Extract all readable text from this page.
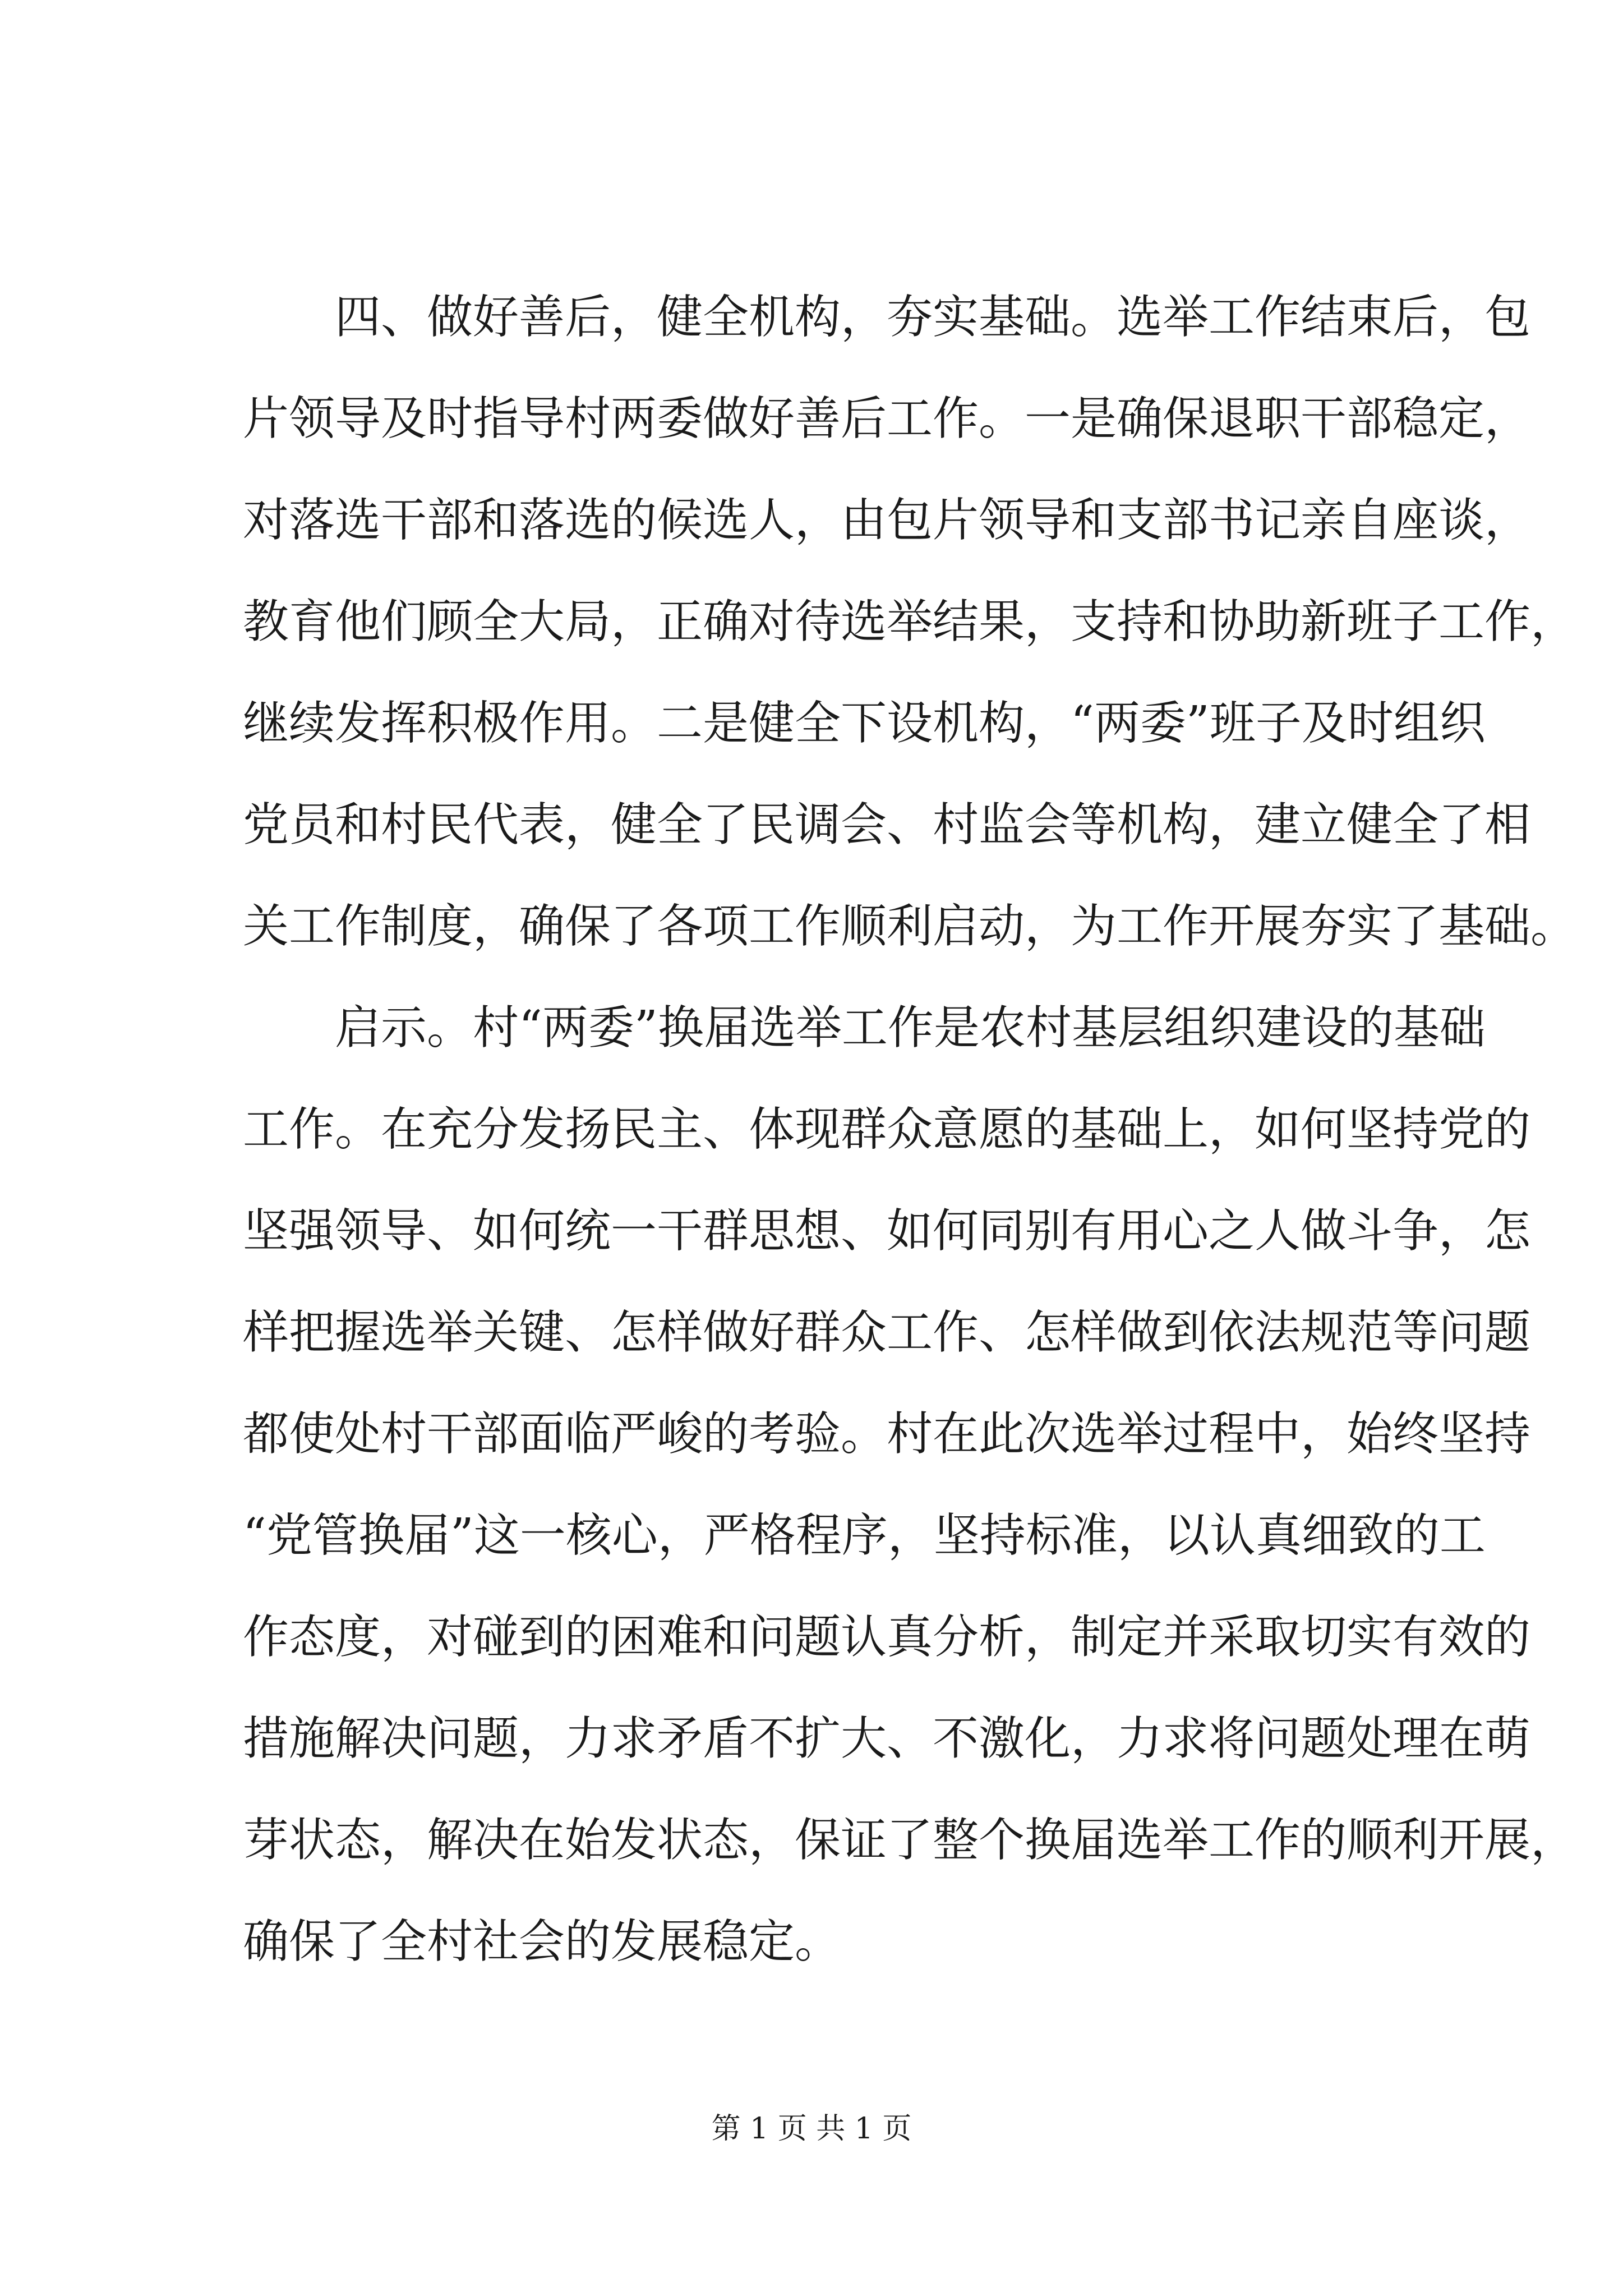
四、做好善后，健全机构，夯实基础。选举工作结束后，包
片领导及时指导村两委做好善后工作。一是确保退职干部稳定，
对落选干部和落选的候选人，由包片领导和支部书记亲自座谈，
教育他们顾全大局，正确对待选举结果，支持和协助新班子工作，
继续发挥积极作用。二是健全下设机构，“两委”班子及时组织
党员和村民代表，健全了民调会、村监会等机构，建立健全了相
关工作制度，确保了各项工作顺利启动，为工作开展夯实了基础。
启示。村“两委”换届选举工作是农村基层组织建设的基础
工作。在充分发扬民主、体现群众意愿的基础上，如何坚持党的
坚强领导、如何统一干群思想、如何同别有用心之人做斗争，怎
样把握选举关键、怎样做好群众工作、怎样做到依法规范等问题
都使处村干部面临严峻的考验。村在此次选举过程中，始终坚持
“党管换届”这一核心，严格程序，坚持标准，以认真细致的工
作态度，对碰到的困难和问题认真分析，制定并采取切实有效的
措施解决问题，力求矛盾不扩大、不激化，力求将问题处理在萌
芽状态，解决在始发状态，保证了整个换届选举工作的顺利开展，
确保了全村社会的发展稳定。
第 1 页 共 1 页
